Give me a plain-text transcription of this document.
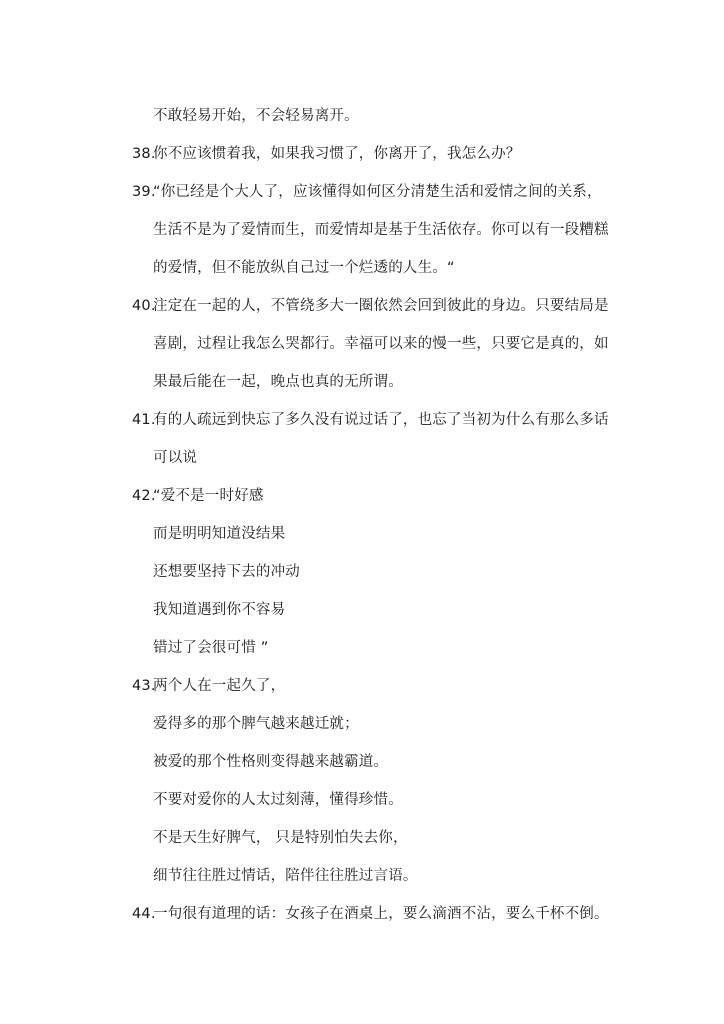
不敢轻易开始，不会轻易离开。
38.
你不应该惯着我，如果我习惯了，你离开了，我怎么办？
39.
“你已经是个大人了，应该懂得如何区分清楚生活和爱情之间的关系，
生活不是为了爱情而生，而爱情却是基于生活依存。你可以有一段糟糕
的爱情，但不能放纵自己过一个烂透的人生。“
40.
注定在一起的人，不管绕多大一圈依然会回到彼此的身边。只要结局是
喜剧，过程让我怎么哭都行。幸福可以来的慢一些，只要它是真的，如
果最后能在一起，晚点也真的无所谓。
41.
有的人疏远到快忘了多久没有说过话了，也忘了当初为什么有那么多话
可以说
42.
“爱不是一时好感
而是明明知道没结果
还想要坚持下去的冲动
我知道遇到你不容易
错过了会很可惜 ”
43.
两个人在一起久了，
爱得多的那个脾气越来越迁就；
被爱的那个性格则变得越来越霸道。
不要对爱你的人太过刻薄，懂得珍惜。
不是天生好脾气， 只是特别怕失去你，
细节往往胜过情话，陪伴往往胜过言语。
44.
一句很有道理的话：女孩子在酒桌上，要么滴酒不沾，要么千杯不倒。
